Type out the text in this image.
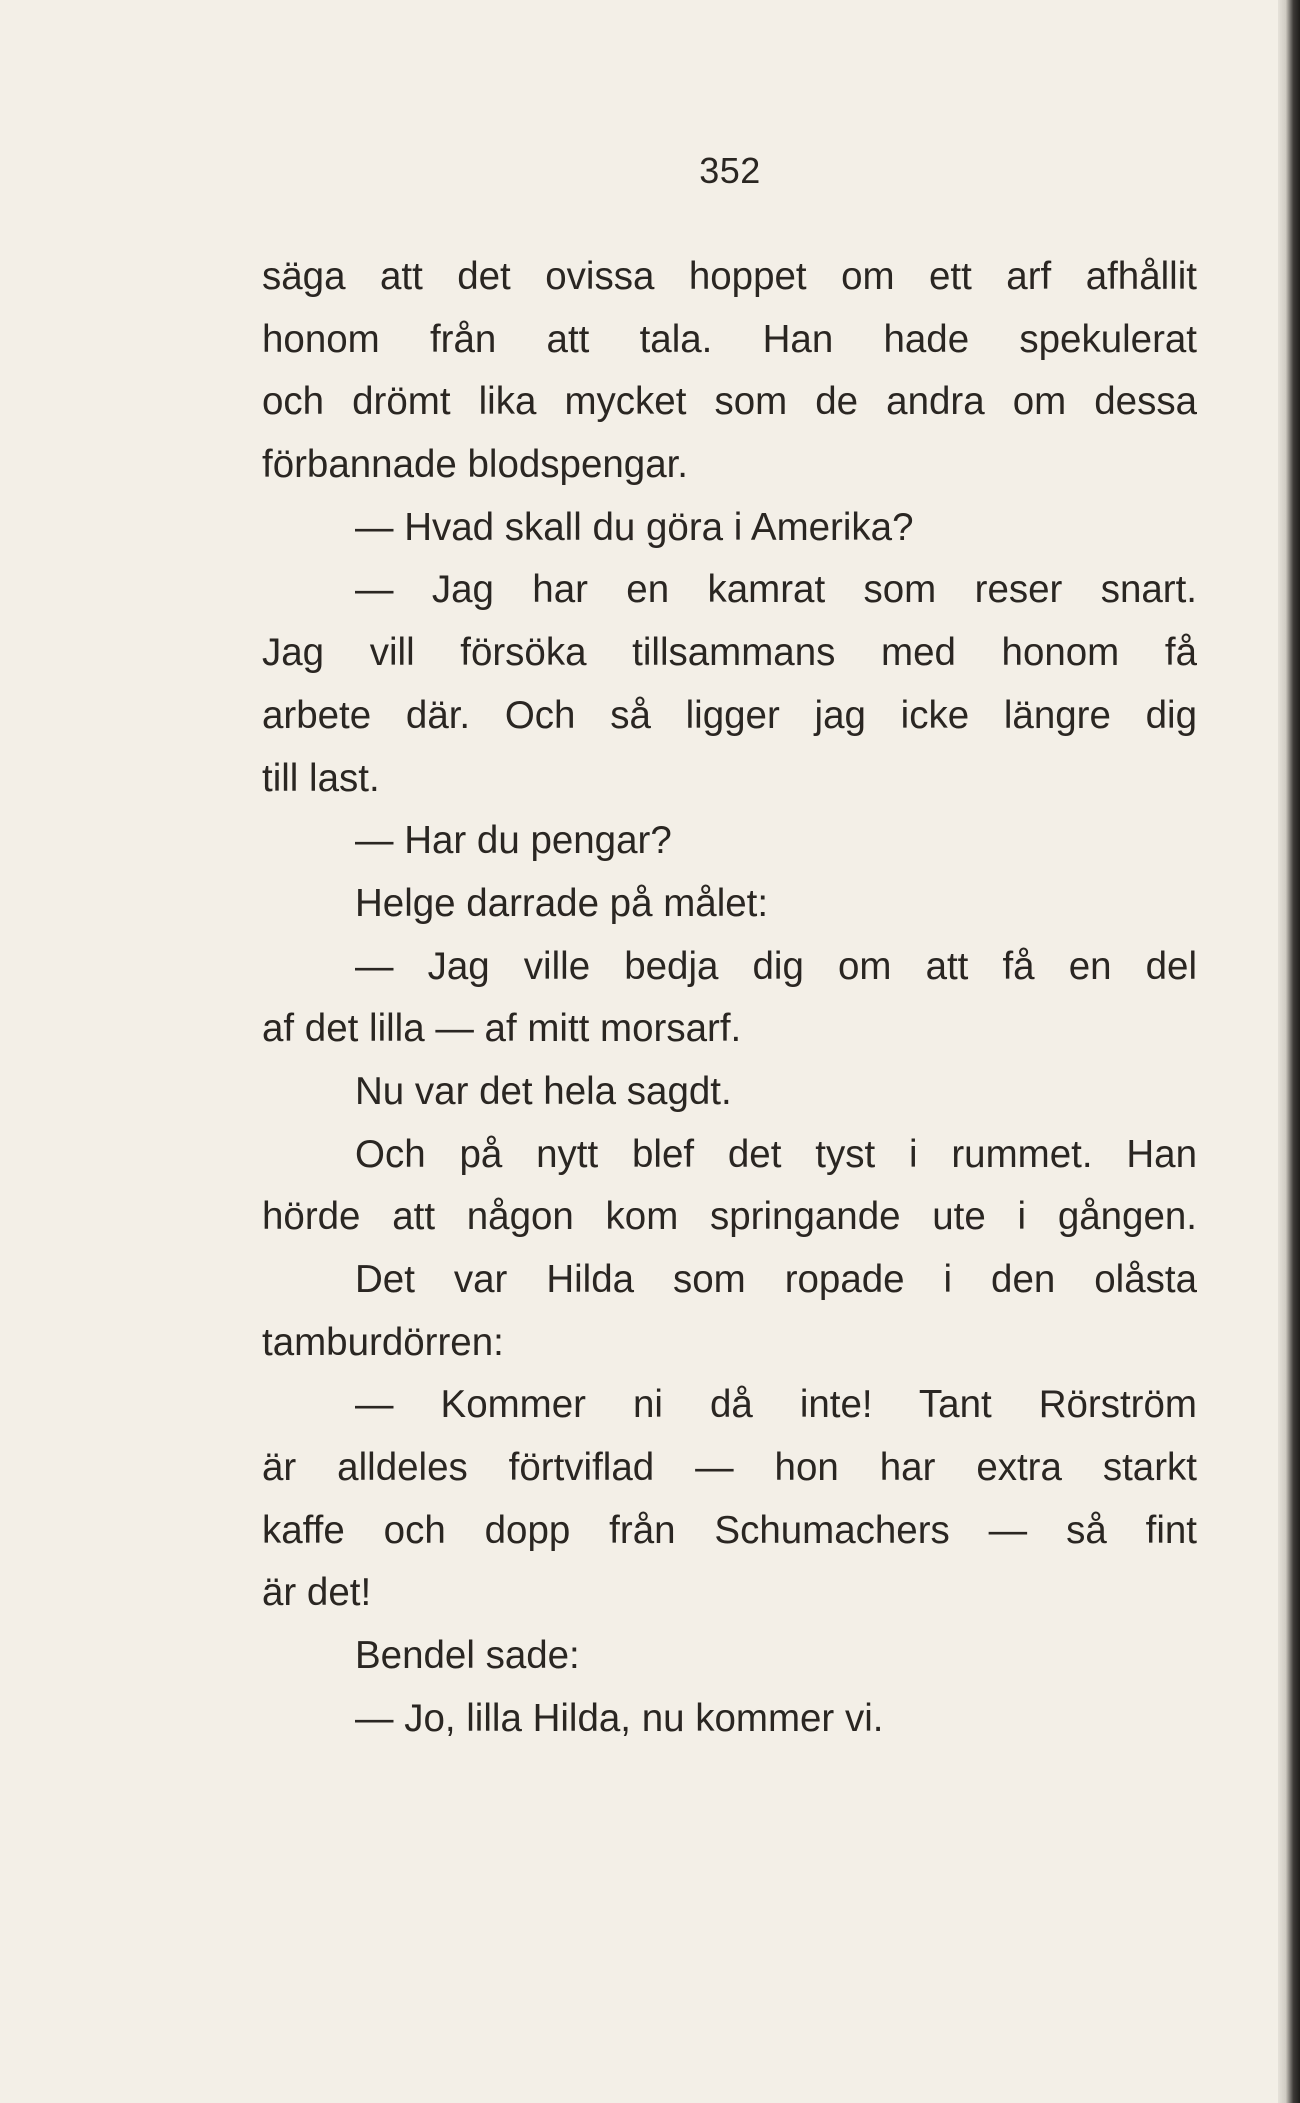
352
säga att det ovissa hoppet om ett arf afhållit
honom från att tala. Han hade spekulerat
och drömt lika mycket som de andra om dessa
förbannade blodspengar.
— Hvad skall du göra i Amerika?
— Jag har en kamrat som reser snart.
Jag vill försöka tillsammans med honom få
arbete där. Och så ligger jag icke längre dig
till last.
— Har du pengar?
Helge darrade på målet:
— Jag ville bedja dig om att få en del
af det lilla — af mitt morsarf.
Nu var det hela sagdt.
Och på nytt blef det tyst i rummet. Han
hörde att någon kom springande ute i gången.
Det var Hilda som ropade i den olåsta
tamburdörren:
— Kommer ni då inte! Tant Rörström
är alldeles förtviflad — hon har extra starkt
kaffe och dopp från Schumachers — så fint
är det!
Bendel sade:
— Jo, lilla Hilda, nu kommer vi.
